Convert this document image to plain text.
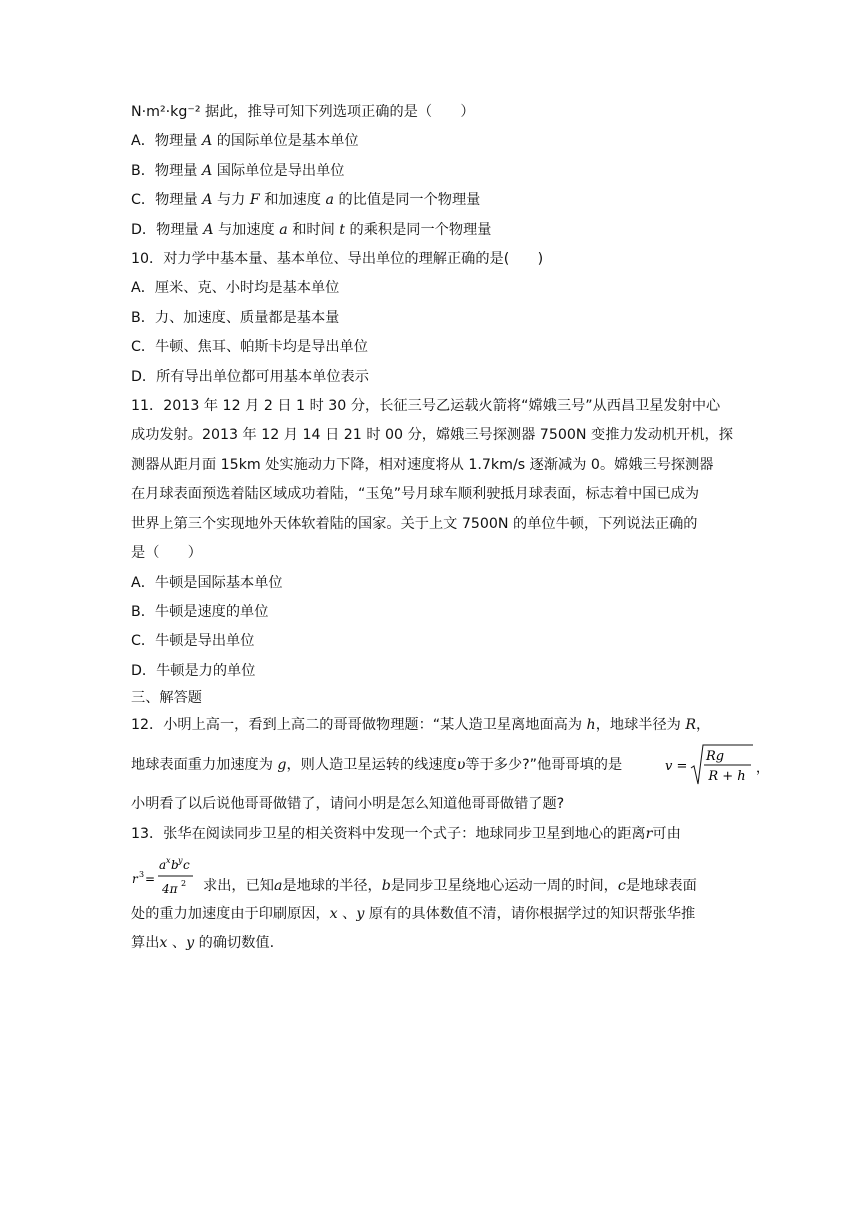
N·m²·kg⁻² 据此，推导可知下列选项正确的是（　　）
A．物理量 A 的国际单位是基本单位
B．物理量 A 国际单位是导出单位
C．物理量 A 与力 F 和加速度 a 的比值是同一个物理量
D．物理量 A 与加速度 a 和时间 t 的乘积是同一个物理量
10．对力学中基本量、基本单位、导出单位的理解正确的是(　　)
A．厘米、克、小时均是基本单位
B．力、加速度、质量都是基本量
C．牛顿、焦耳、帕斯卡均是导出单位
D．所有导出单位都可用基本单位表示
11．2013 年 12 月 2 日 1 时 30 分，长征三号乙运载火箭将“嫦娥三号”从西昌卫星发射中心
成功发射。2013 年 12 月 14 日 21 时 00 分，嫦娥三号探测器 7500N 变推力发动机开机，探
测器从距月面 15km 处实施动力下降，相对速度将从 1.7km/s 逐渐减为 0。嫦娥三号探测器
在月球表面预选着陆区域成功着陆，“玉兔”号月球车顺利驶抵月球表面，标志着中国已成为
世界上第三个实现地外天体软着陆的国家。关于上文 7500N 的单位牛顿，下列说法正确的
是（　　）
A．牛顿是国际基本单位
B．牛顿是速度的单位
C．牛顿是导出单位
D．牛顿是力的单位
三、解答题
12．小明上高一，看到上高二的哥哥做物理题：“某人造卫星离地面高为 h，地球半径为 R，
地球表面重力加速度为 g，则人造卫星运转的线速度υ等于多少?”他哥哥填的是	v =
Rg
R + h
，
小明看了以后说他哥哥做错了，请问小明是怎么知道他哥哥做错了题?
13．张华在阅读同步卫星的相关资料中发现一个式子：地球同步卫星到地心的距离r可由
r 3 =
a x b y c
4π 2 求出，已知a是地球的半径，b是同步卫星绕地心运动一周的时间，c是地球表面
处的重力加速度由于印刷原因，x 、y 原有的具体数值不清，请你根据学过的知识帮张华推
算出x 、y 的确切数值.
